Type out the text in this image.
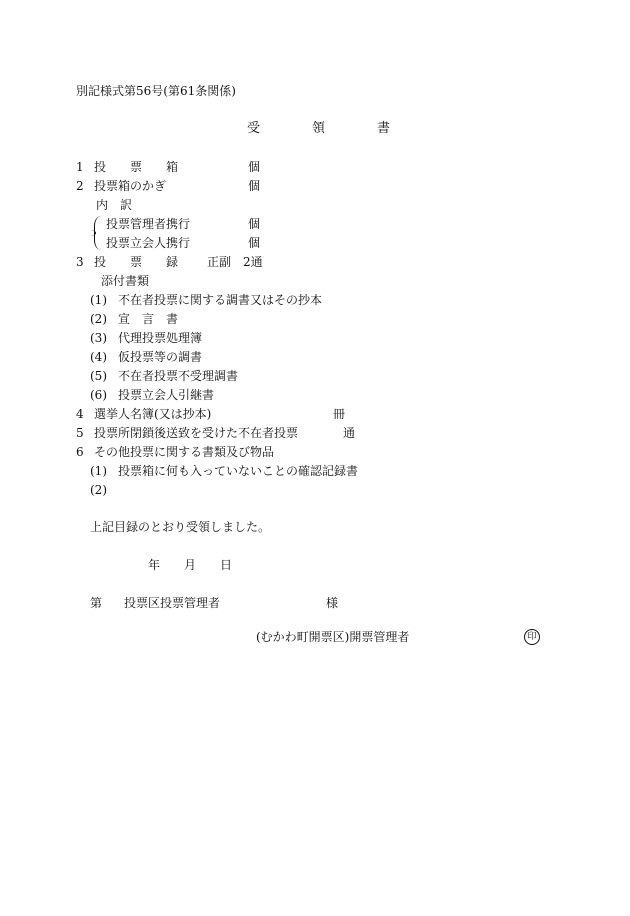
別記様式第56号(第61条関係)
受　　　　領　　　　書
1 投　　票　　箱	個
2 投票箱のかぎ	個
内　訳
投票管理者携行	個
投票立会人携行	個
3 投　　票　　録 正副　2通
添付書類
(1) 不在者投票に関する調書又はその抄本
(2) 宣　言　書
(3) 代理投票処理簿
(4) 仮投票等の調書
(5) 不在者投票不受理調書
(6) 投票立会人引継書
4 選挙人名簿(又は抄本)	冊
5 投票所閉鎖後送致を受けた不在者投票	通
6 その他投票に関する書類及び物品
(1) 投票箱に何も入っていないことの確認記録書
(2)
上記目録のとおり受領しました。
年 月 日
第 投票区投票管理者	様
(むかわ町開票区)開票管理者	印
